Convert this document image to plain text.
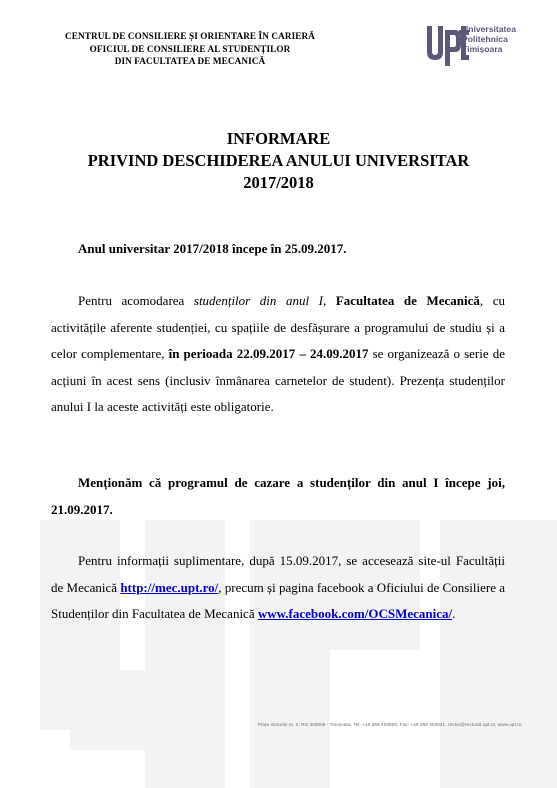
CENTRUL DE CONSILIERE ȘI ORIENTARE ÎN CARIERĂ
OFICIUL DE CONSILIERE AL STUDENȚILOR
DIN FACULTATEA DE MECANICĂ
Universitatea
Politehnica
Timișoara
INFORMARE
PRIVIND DESCHIDEREA ANULUI UNIVERSITAR
2017/2018

Anul universitar 2017/2018 începe în 25.09.2017.

Pentru acomodarea studenților din anul I, Facultatea de Mecanică, cu activitățile aferente studenției, cu spațiile de desfășurare a programului de studiu și a celor complementare, în perioada 22.09.2017 – 24.09.2017 se organizează o serie de acțiuni în acest sens (inclusiv înmânarea carnetelor de student). Prezența studenților anului I la aceste activități este obligatorie.

Menționăm că programul de cazare a studenților din anul I începe joi, 21.09.2017.

Pentru informații suplimentare, după 15.09.2017, se accesează site-ul Facultății de Mecanică http://mec.upt.ro/, precum și pagina facebook a Oficiului de Consiliere a Studenților din Facultatea de Mecanică www.facebook.com/OCSMecanica/.

Piața Victoriei nr. 2, RO 300006 - Timișoara, Tel: +40 256 403000, Fax: +40 256 403021, rector@rectorat.upt.ro, www.upt.ro
